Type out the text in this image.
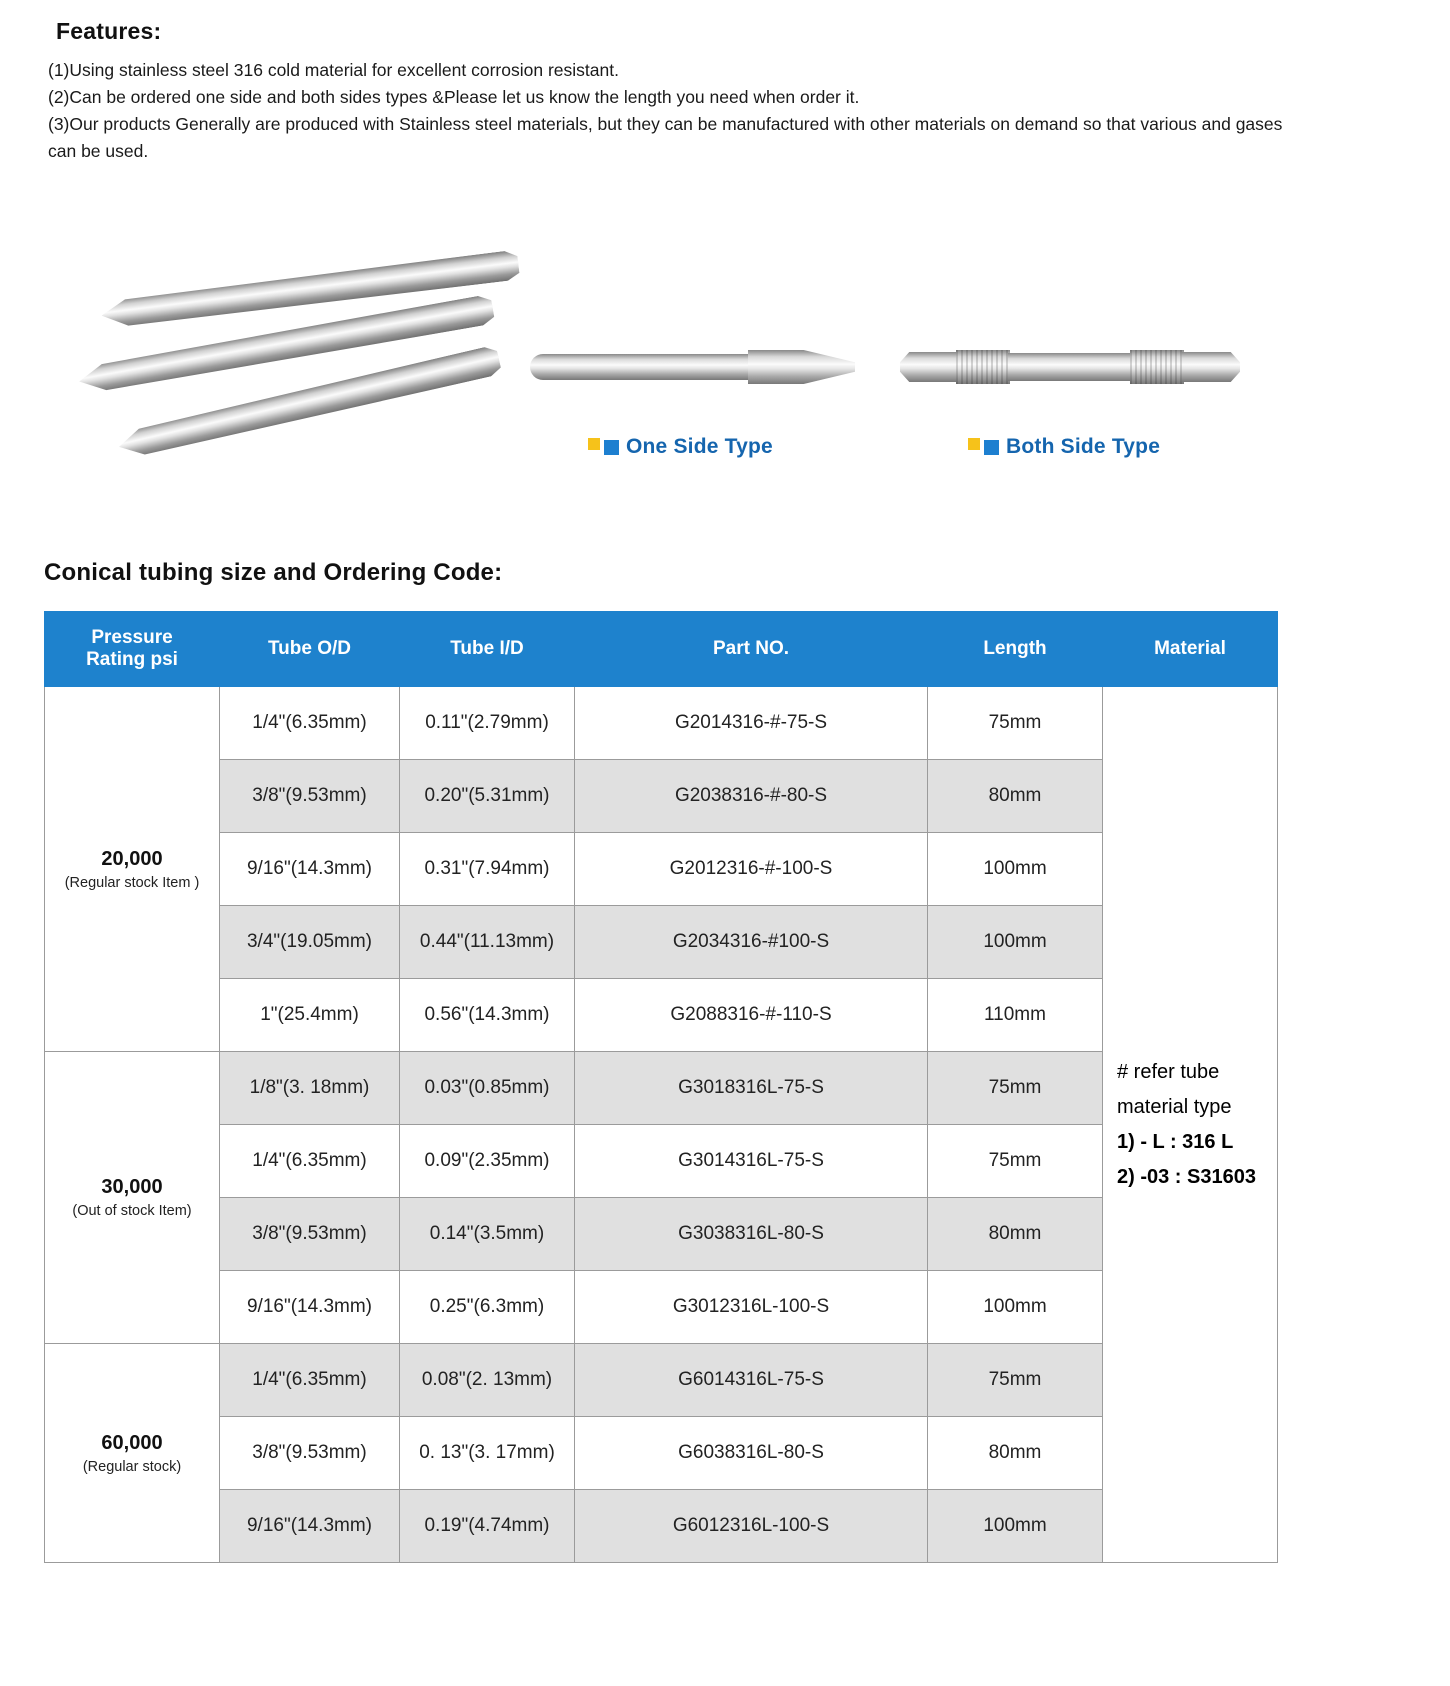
Features:

(1)Using stainless steel 316 cold material for excellent corrosion resistant.

(2)Can be ordered one side and both sides types &Please let us know the length you need when order it.

(3)Our products Generally are produced with Stainless steel materials, but they can be manufactured with other materials on demand so that various and gases can be used.

One Side Type	Both Side Type
Conical tubing size and Ordering Code:
Pressure Rating psi	Tube O/D	Tube I/D	Part NO.	Length	Material

20,000
(Regular stock Item )
	1/4"(6.35mm)	0.11"(2.79mm)	G2014316-#-75-S	75mm	
# refer tube material type
1) - L : 316 L
2) -03 : S31603

	3/8"(9.53mm)	0.20"(5.31mm)	G2038316-#-80-S	80mm	
	9/16"(14.3mm)	0.31"(7.94mm)	G2012316-#-100-S	100mm	
	3/4"(19.05mm)	0.44"(11.13mm)	G2034316-#100-S	100mm	
	1"(25.4mm)	0.56"(14.3mm)	G2088316-#-110-S	110mm	

30,000
(Out of stock Item)	1/8"(3. 18mm)	0.03"(0.85mm)	G3018316L-75-S	75mm	
	1/4"(6.35mm)	0.09"(2.35mm)	G3014316L-75-S	75mm	
	3/8"(9.53mm)	0.14"(3.5mm)	G3038316L-80-S	80mm	
	9/16"(14.3mm)	0.25"(6.3mm)	G3012316L-100-S	100mm	

60,000
(Regular stock)	1/4"(6.35mm)	0.08"(2. 13mm)	G6014316L-75-S	75mm	
	3/8"(9.53mm)	0. 13"(3. 17mm)	G6038316L-80-S	80mm	
	9/16"(14.3mm)	0.19"(4.74mm)	G6012316L-100-S	100mm	
